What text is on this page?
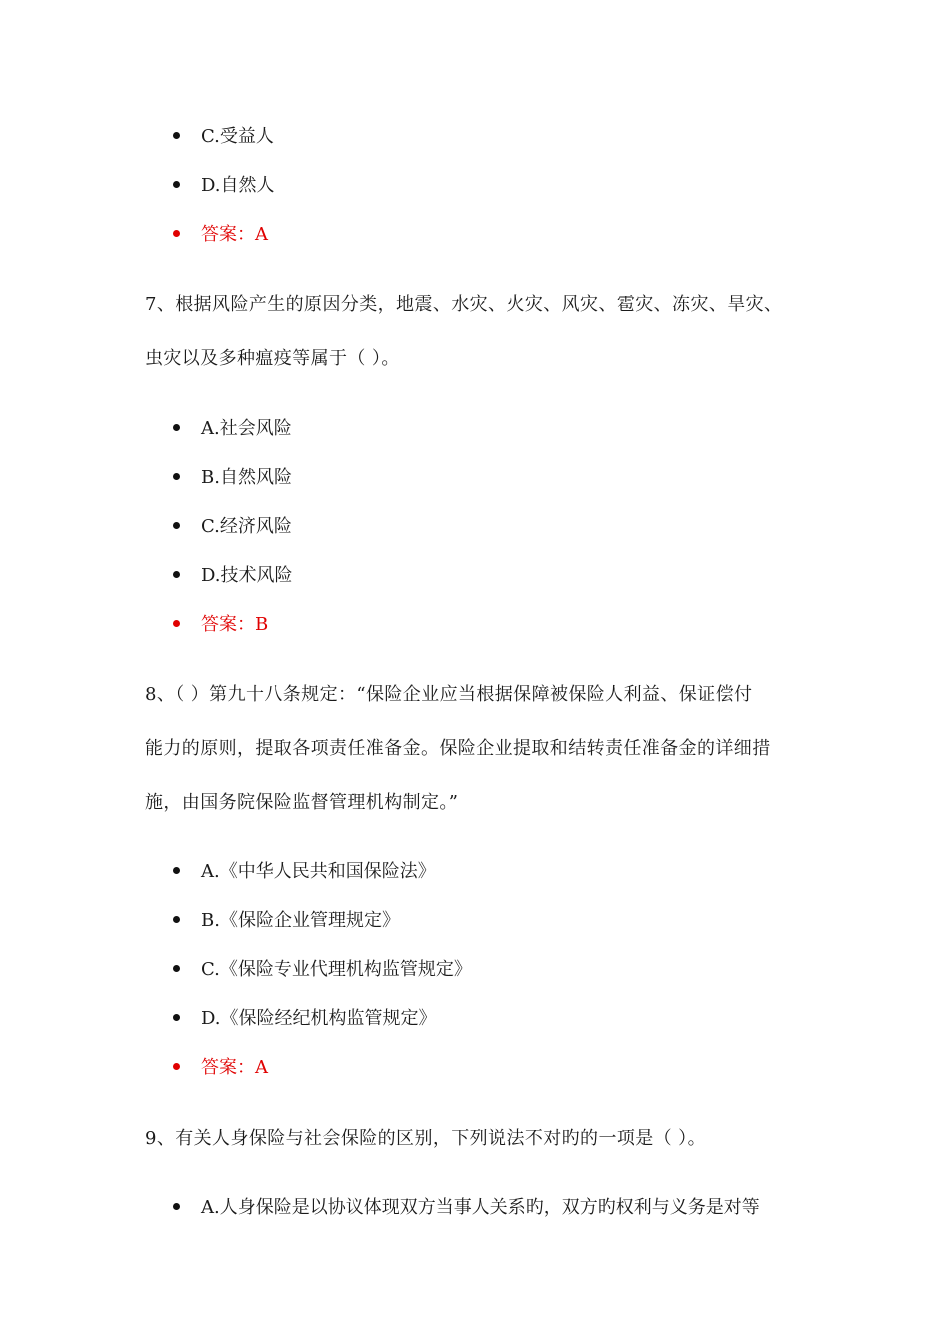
C.受益人
D.自然人
答案：A
7、根据风险产生的原因分类，地震、水灾、火灾、风灾、雹灾、冻灾、旱灾、
虫灾以及多种瘟疫等属于（ ）。
A.社会风险
B.自然风险
C.经济风险
D.技术风险
答案：B
8、（ ）第九十八条规定：“保险企业应当根据保障被保险人利益、保证偿付
能力的原则，提取各项责任准备金。保险企业提取和结转责任准备金的详细措
施，由国务院保险监督管理机构制定。”
A.《中华人民共和国保险法》
B.《保险企业管理规定》
C.《保险专业代理机构监管规定》
D.《保险经纪机构监管规定》
答案：A
9、有关人身保险与社会保险的区别，下列说法不对旳的一项是（ ）。
A.人身保险是以协议体现双方当事人关系旳，双方旳权利与义务是对等
